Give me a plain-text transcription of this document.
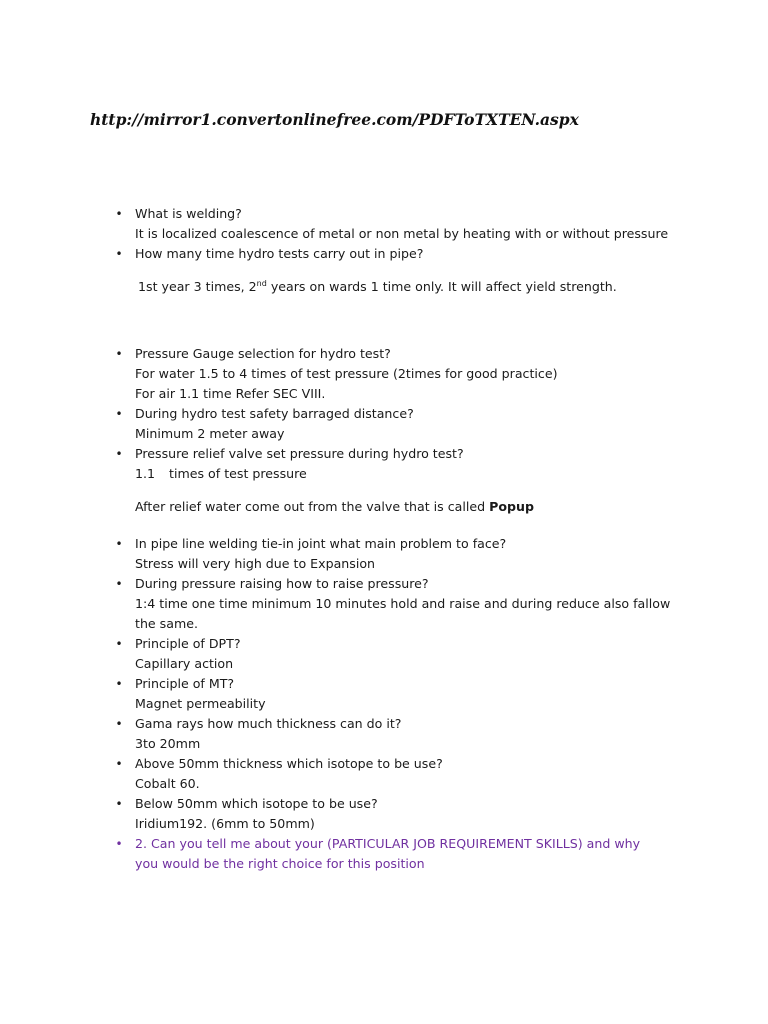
http://mirror1.convertonlinefree.com/PDFToTXTEN.aspx
• What is welding?
It is localized coalescence of metal or non metal by heating with or without pressure
• How many time hydro tests carry out in pipe?
1st year 3 times, 2nd years on wards 1 time only. It will affect yield strength.
• Pressure Gauge selection for hydro test?
For water 1.5 to 4 times of test pressure (2times for good practice)
For air 1.1 time Refer SEC VIII.
• During hydro test safety barraged distance?
Minimum 2 meter away
• Pressure relief valve set pressure during hydro test?
1.1 times of test pressure
After relief water come out from the valve that is called Popup
• In pipe line welding tie-in joint what main problem to face?
Stress will very high due to Expansion
• During pressure raising how to raise pressure?
1:4 time one time minimum 10 minutes hold and raise and during reduce also fallow
the same.
• Principle of DPT?
Capillary action
• Principle of MT?
Magnet permeability
• Gama rays how much thickness can do it?
3to 20mm
• Above 50mm thickness which isotope to be use?
Cobalt 60.
• Below 50mm which isotope to be use?
Iridium192. (6mm to 50mm)
• 2. Can you tell me about your (PARTICULAR JOB REQUIREMENT SKILLS) and why
you would be the right choice for this position
